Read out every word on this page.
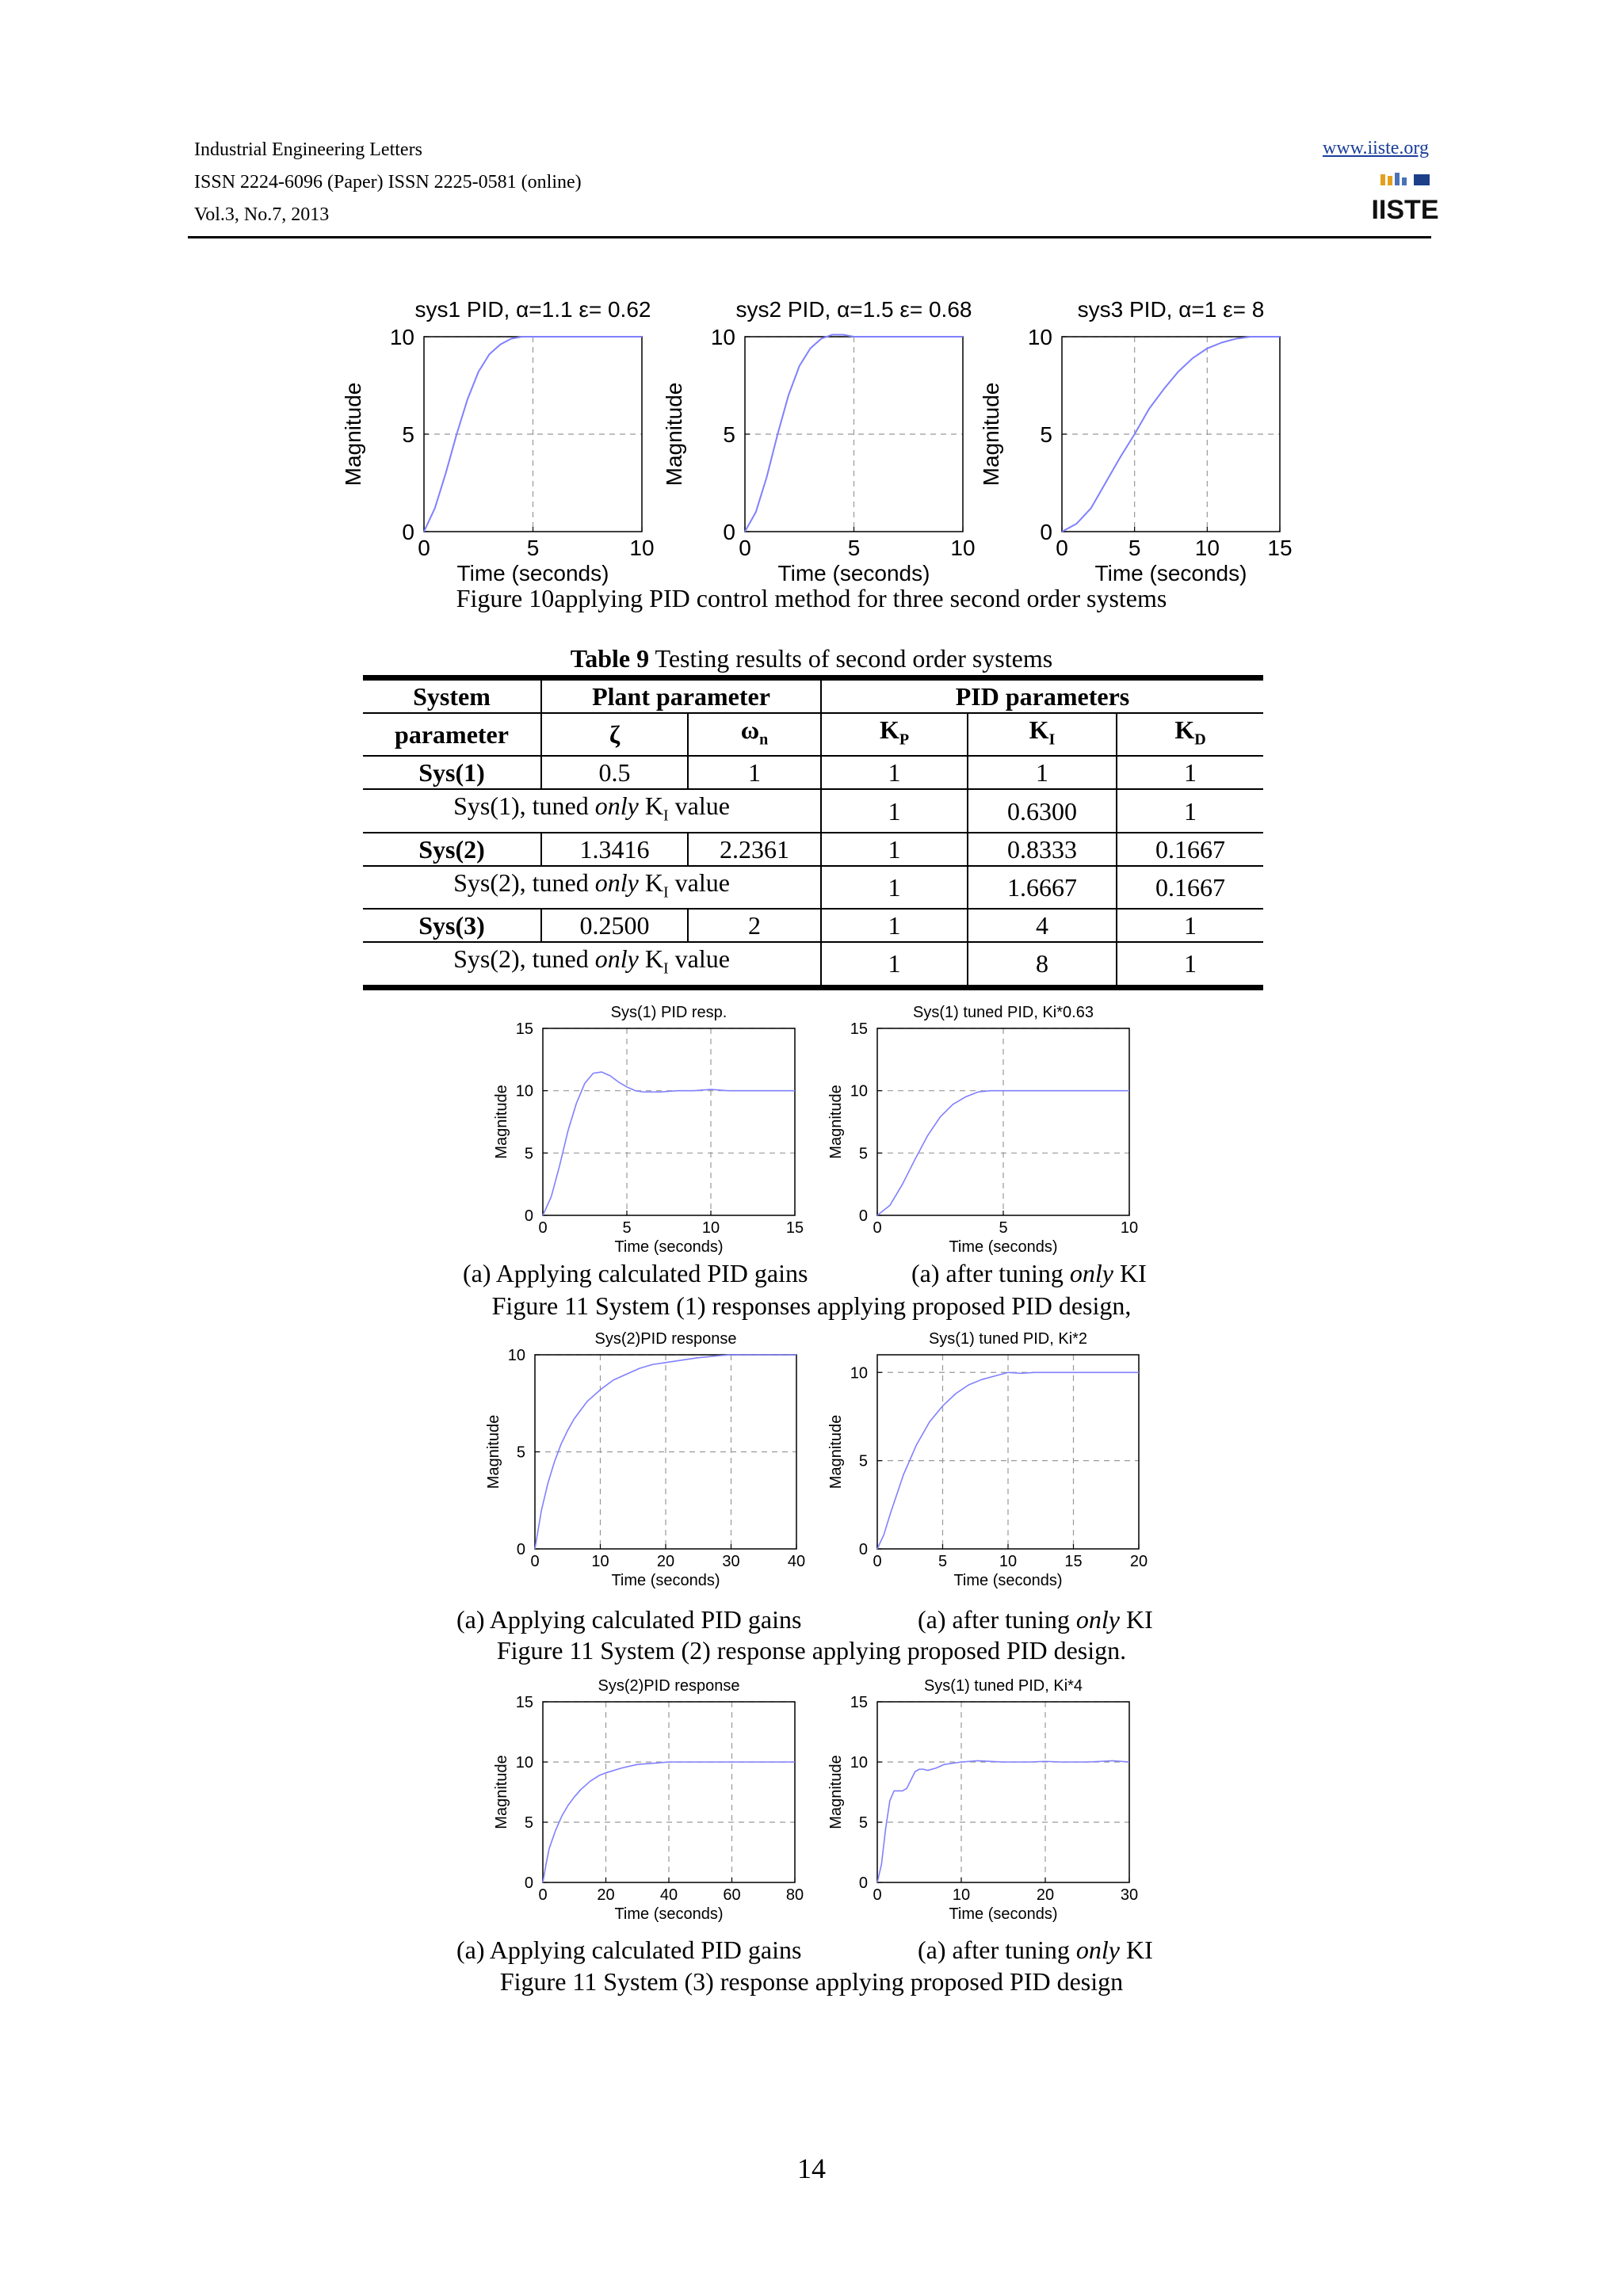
Industrial Engineering Letters
ISSN 2224-6096 (Paper) ISSN 2225-0581 (online)
Vol.3, No.7, 2013
www.iiste.org
IISTE
0	5	10
0
5
10
sys1 PID, α=1.1 ε= 0.62
Time (seconds)
Magnitude
0	5	10
0
5
10
sys2 PID, α=1.5 ε= 0.68
Time (seconds)
Magnitude
0	5 10 15
0
5
10
sys3 PID, α=1 ε= 8
Time (seconds)
Magnitude
Figure 10applying PID control method for three second order systems
Table 9 Testing results of second order systems
System	Plant parameter		PID parameters		
parameter	ζ	$\omega_n$	$K_P$	$K_I$	$K_D$
Sys(1)	0.5	1	1	1	1
Sys(1), tuned only $K_I$ value			1	0.6300	1
Sys(2)	1.3416	2.2361	1	0.8333	0.1667
Sys(2), tuned only $K_I$ value			1	1.6667	0.1667
Sys(3)	0.2500	2	1	4	1
Sys(2), tuned only $K_I$ value			1	8	1
0	5	10	15
0
5
10
15
Sys(1) PID resp.
Time (seconds)
Magnitude
0	5	10
0
5
10
15
Sys(1) tuned PID, Ki*0.63
Time (seconds)
Magnitude
(a) Applying calculated PID gains	(a) after tuning only KI
Figure 11 System (1) responses applying proposed PID design,
0	10	20	30	40
0
5
10
Sys(2)PID response
Time (seconds)
Magnitude
0	5	10	15	20
0
5
10
Sys(1) tuned PID, Ki*2
Time (seconds)
Magnitude
(a) Applying calculated PID gains	(a) after tuning only KI
Figure 11 System (2) response applying proposed PID design.
0	20	40	60	80
0
5
10
15
Sys(2)PID response
Time (seconds)
Magnitude
0	10	20	30
0
5
10
15
Sys(1) tuned PID, Ki*4
Time (seconds)
Magnitude
(a) Applying calculated PID gains	(a) after tuning only KI
Figure 11 System (3) response applying proposed PID design
14
